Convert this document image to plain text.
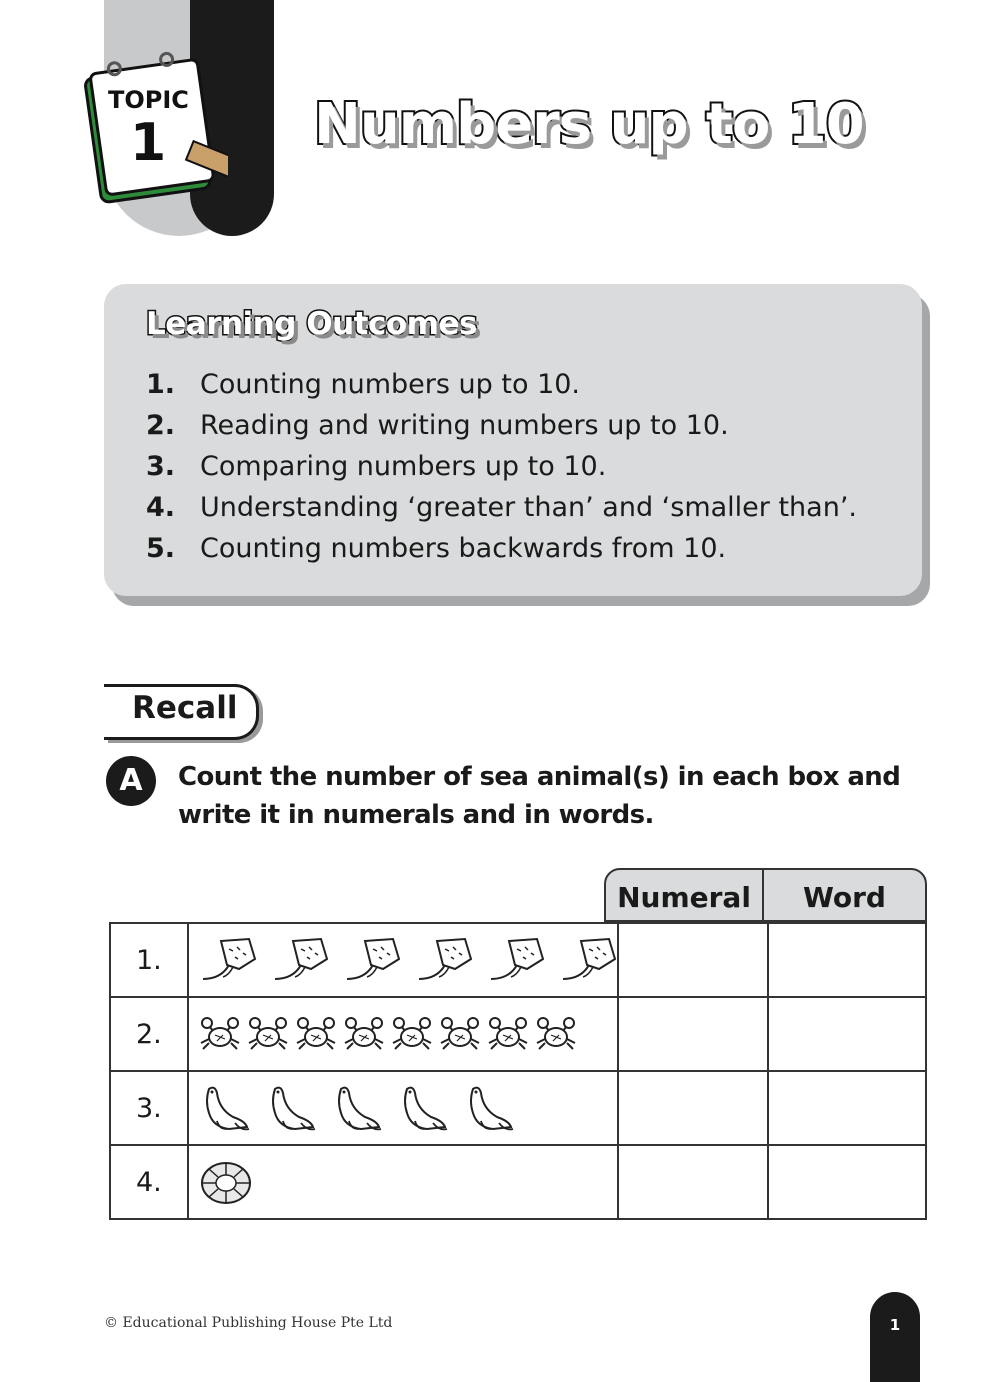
TOPIC
1	Numbers up to 10
Learning Outcomes
1. Counting numbers up to 10.
2. Reading and writing numbers up to 10.
3. Comparing numbers up to 10.
4. Understanding ‘greater than’ and ‘smaller than’.
5. Counting numbers backwards from 10.
Recall
A	Count the number of sea animal(s) in each box and write it in numerals and in words.
Numeral	Word
1.	

2.	

3.	

4.	

© Educational Publishing House Pte Ltd	1
